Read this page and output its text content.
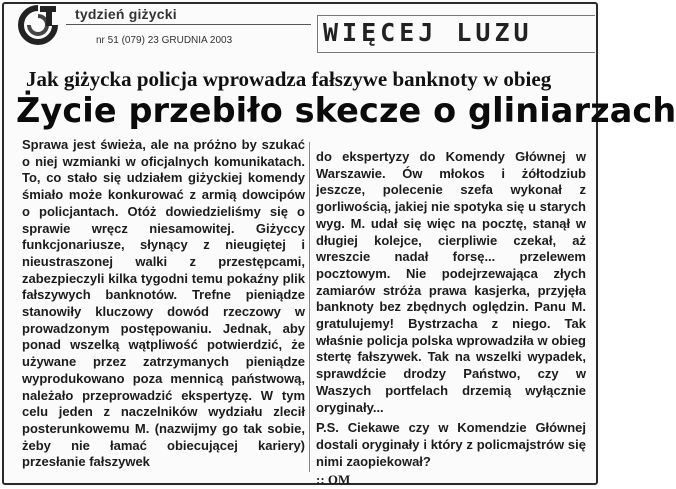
tydzień giżycki
nr 51 (079) 23 GRUDNIA 2003	WIĘCEJ LUZU
Jak giżycka policja wprowadza fałszywe banknoty w obieg
Życie przebiło skecze o gliniarzach

Sprawa jest świeża, ale na próżno by szukać o niej wzmianki w oficjalnych komunikatach. To, co stało się udziałem giżyckiej komendy śmiało może konkurować z armią dowcipów o policjantach. Otóż dowiedzieliśmy się o sprawie wręcz niesamowitej. Giżyccy funkcjonariusze, słynący z nieugiętej i nieustraszonej walki z przestępcami, zabezpieczyli kilka tygodni temu pokaźny plik fałszywych banknotów. Trefne pieniądze stanowiły kluczowy dowód rzeczowy w prowadzonym postępowaniu. Jednak, aby ponad wszelką wątpliwość potwierdzić, że używane przez zatrzymanych pieniądze wyprodukowano poza mennicą państwową, należało przeprowadzić ekspertyzę. W tym celu jeden z naczelników wydziału zlecił posterunkowemu M. (nazwijmy go tak sobie, żeby nie łamać obiecującej kariery) przesłanie fałszywek

do ekspertyzy do Komendy Głównej w Warszawie. Ów młokos i żółtodziub jeszcze, polecenie szefa wykonał z gorliwością, jakiej nie spotyka się u starych wyg. M. udał się więc na pocztę, stanął w długiej kolejce, cierpliwie czekał, aż wreszcie nadał forsę... przelewem pocztowym. Nie podejrzewająca złych zamiarów stróża prawa kasjerka, przyjęła banknoty bez zbędnych oględzin. Panu M. gratulujemy! Bystrzacha z niego. Tak właśnie policja polska wprowadziła w obieg stertę fałszywek. Tak na wszelki wypadek, sprawdźcie drodzy Państwo, czy w Waszych portfelach drzemią wyłącznie oryginały...

P.S. Ciekawe czy w Komendzie Głównej dostali oryginały i który z policmajstrów się nimi zaopiekował?

:: OM
